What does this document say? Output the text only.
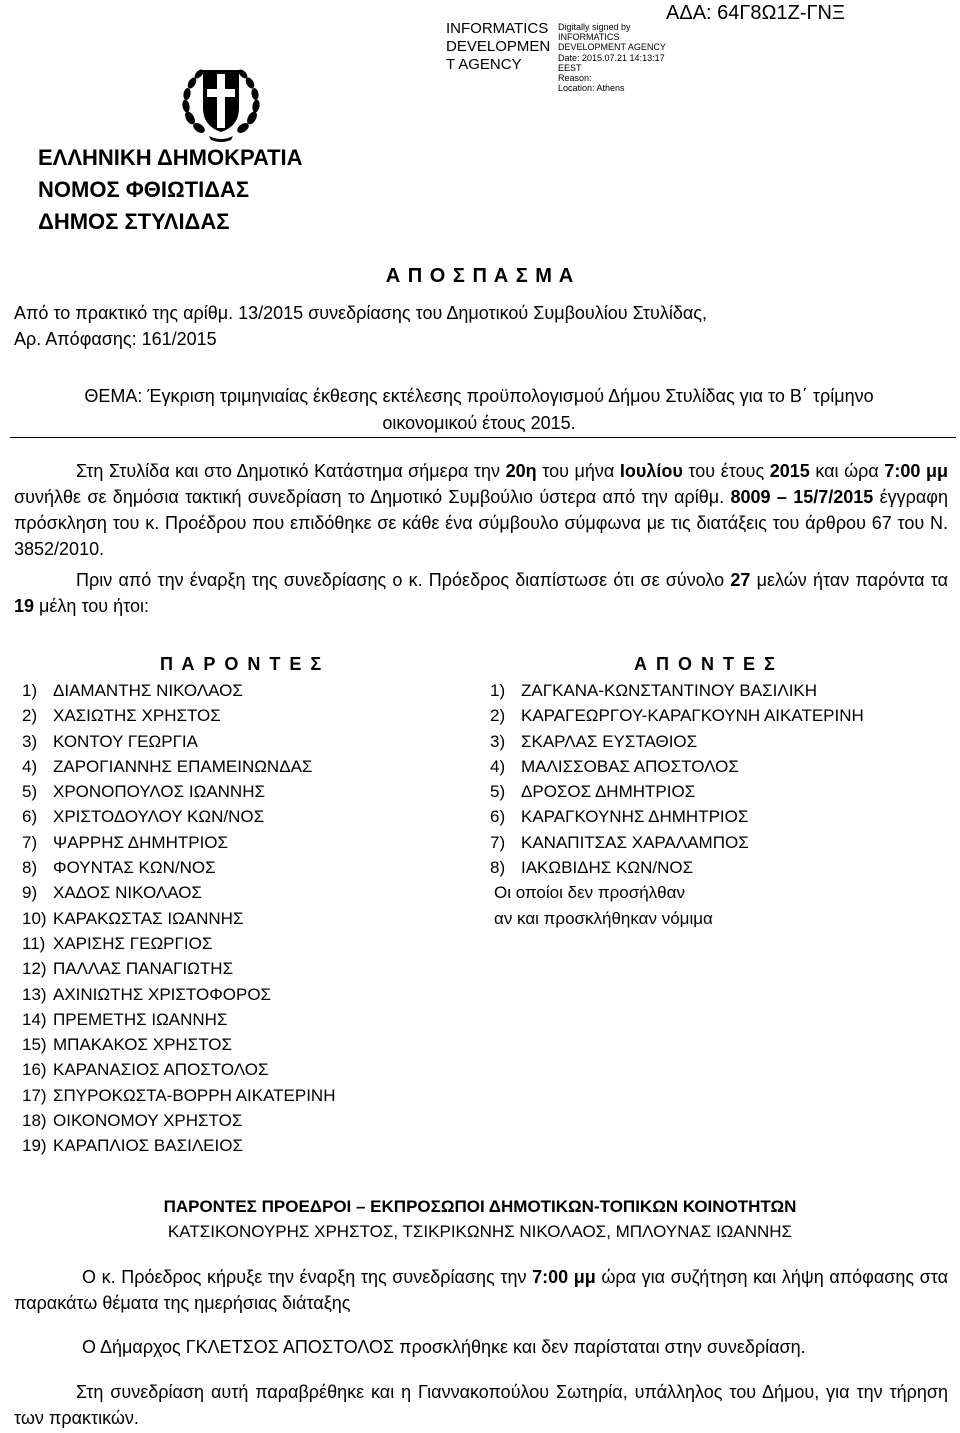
INFORMATICS DEVELOPMEN T AGENCY
Digitally signed by
INFORMATICS
DEVELOPMENT AGENCY
Date: 2015.07.21 14:13:17
EEST
Reason:
Location: Athens
ΑΔΑ: 64Γ8Ω1Ζ-ΓΝΞ
ΕΛΛΗΝΙΚΗ ΔΗΜΟΚΡΑΤΙΑ
ΝΟΜΟΣ ΦΘΙΩΤΙΔΑΣ
ΔΗΜΟΣ ΣΤΥΛΙΔΑΣ
Α Π Ο Σ Π Α Σ Μ Α
Από το πρακτικό της αρίθμ. 13/2015 συνεδρίασης του Δημοτικού Συμβουλίου Στυλίδας,
Αρ. Απόφασης: 161/2015
ΘΕΜΑ: Έγκριση τριμηνιαίας έκθεσης εκτέλεσης προϋπολογισμού Δήμου Στυλίδας για το Β΄ τρίμηνο
οικονομικού έτους 2015.
Στη Στυλίδα και στο Δημοτικό Κατάστημα σήμερα την 20η του μήνα Ιουλίου του έτους 2015 και ώρα 7:00 μμ συνήλθε σε δημόσια τακτική συνεδρίαση το Δημοτικό Συμβούλιο ύστερα από την αρίθμ. 8009 – 15/7/2015 έγγραφη πρόσκληση του κ. Προέδρου που επιδόθηκε σε κάθε ένα σύμβουλο σύμφωνα με τις διατάξεις του άρθρου 67 του Ν. 3852/2010.
Πριν από την έναρξη της συνεδρίασης ο κ. Πρόεδρος διαπίστωσε ότι σε σύνολο 27 μελών ήταν παρόντα τα 19 μέλη του ήτοι:
Π Α Ρ Ο Ν Τ Ε Σ	Α Π Ο Ν Τ Ε Σ
1) ΔΙΑΜΑΝΤΗΣ ΝΙΚΟΛΑΟΣ
2) ΧΑΣΙΩΤΗΣ ΧΡΗΣΤΟΣ
3) ΚΟΝΤΟΥ ΓΕΩΡΓΙΑ
4) ΖΑΡΟΓΙΑΝΝΗΣ ΕΠΑΜΕΙΝΩΝΔΑΣ
5) ΧΡΟΝΟΠΟΥΛΟΣ ΙΩΑΝΝΗΣ
6) ΧΡΙΣΤΟΔΟΥΛΟΥ ΚΩΝ/ΝΟΣ
7) ΨΑΡΡΗΣ ΔΗΜΗΤΡΙΟΣ
8) ΦΟΥΝΤΑΣ ΚΩΝ/ΝΟΣ
9) ΧΑΔΟΣ ΝΙΚΟΛΑΟΣ
10) ΚΑΡΑΚΩΣΤΑΣ ΙΩΑΝΝΗΣ
11) ΧΑΡΙΣΗΣ ΓΕΩΡΓΙΟΣ
12) ΠΑΛΛΑΣ ΠΑΝΑΓΙΩΤΗΣ
13) ΑΧΙΝΙΩΤΗΣ ΧΡΙΣΤΟΦΟΡΟΣ
14) ΠΡΕΜΕΤΗΣ ΙΩΑΝΝΗΣ
15) ΜΠΑΚΑΚΟΣ ΧΡΗΣΤΟΣ
16) ΚΑΡΑΝΑΣΙΟΣ ΑΠΟΣΤΟΛΟΣ
17) ΣΠΥΡΟΚΩΣΤΑ-ΒΟΡΡΗ ΑΙΚΑΤΕΡΙΝΗ
18) ΟΙΚΟΝΟΜΟΥ ΧΡΗΣΤΟΣ
19) ΚΑΡΑΠΛΙΟΣ ΒΑΣΙΛΕΙΟΣ
1) ΖΑΓΚΑΝΑ-ΚΩΝΣΤΑΝΤΙΝΟΥ ΒΑΣΙΛΙΚΗ
2) ΚΑΡΑΓΕΩΡΓΟΥ-ΚΑΡΑΓΚΟΥΝΗ ΑΙΚΑΤΕΡΙΝΗ
3) ΣΚΑΡΛΑΣ ΕΥΣΤΑΘΙΟΣ
4) ΜΑΛΙΣΣΟΒΑΣ ΑΠΟΣΤΟΛΟΣ
5) ΔΡΟΣΟΣ ΔΗΜΗΤΡΙΟΣ
6) ΚΑΡΑΓΚΟΥΝΗΣ ΔΗΜΗΤΡΙΟΣ
7) ΚΑΝΑΠΙΤΣΑΣ ΧΑΡΑΛΑΜΠΟΣ
8) ΙΑΚΩΒΙΔΗΣ ΚΩΝ/ΝΟΣ
Οι οποίοι δεν προσήλθαν
αν και προσκλήθηκαν νόμιμα
ΠΑΡΟΝΤΕΣ ΠΡΟΕΔΡΟΙ – ΕΚΠΡΟΣΩΠΟΙ ΔΗΜΟΤΙΚΩΝ-ΤΟΠΙΚΩΝ ΚΟΙΝΟΤΗΤΩΝ
ΚΑΤΣΙΚΟΝΟΥΡΗΣ ΧΡΗΣΤΟΣ, ΤΣΙΚΡΙΚΩΝΗΣ ΝΙΚΟΛΑΟΣ, ΜΠΛΟΥΝΑΣ ΙΩΑΝΝΗΣ
Ο κ. Πρόεδρος κήρυξε την έναρξη της συνεδρίασης την 7:00 μμ ώρα για συζήτηση και λήψη απόφασης στα παρακάτω θέματα της ημερήσιας διάταξης
Ο Δήμαρχος ΓΚΛΕΤΣΟΣ ΑΠΟΣΤΟΛΟΣ προσκλήθηκε και δεν παρίσταται στην συνεδρίαση.
Στη συνεδρίαση αυτή παραβρέθηκε και η Γιαννακοπούλου Σωτηρία, υπάλληλος του Δήμου, για την τήρηση των πρακτικών.
